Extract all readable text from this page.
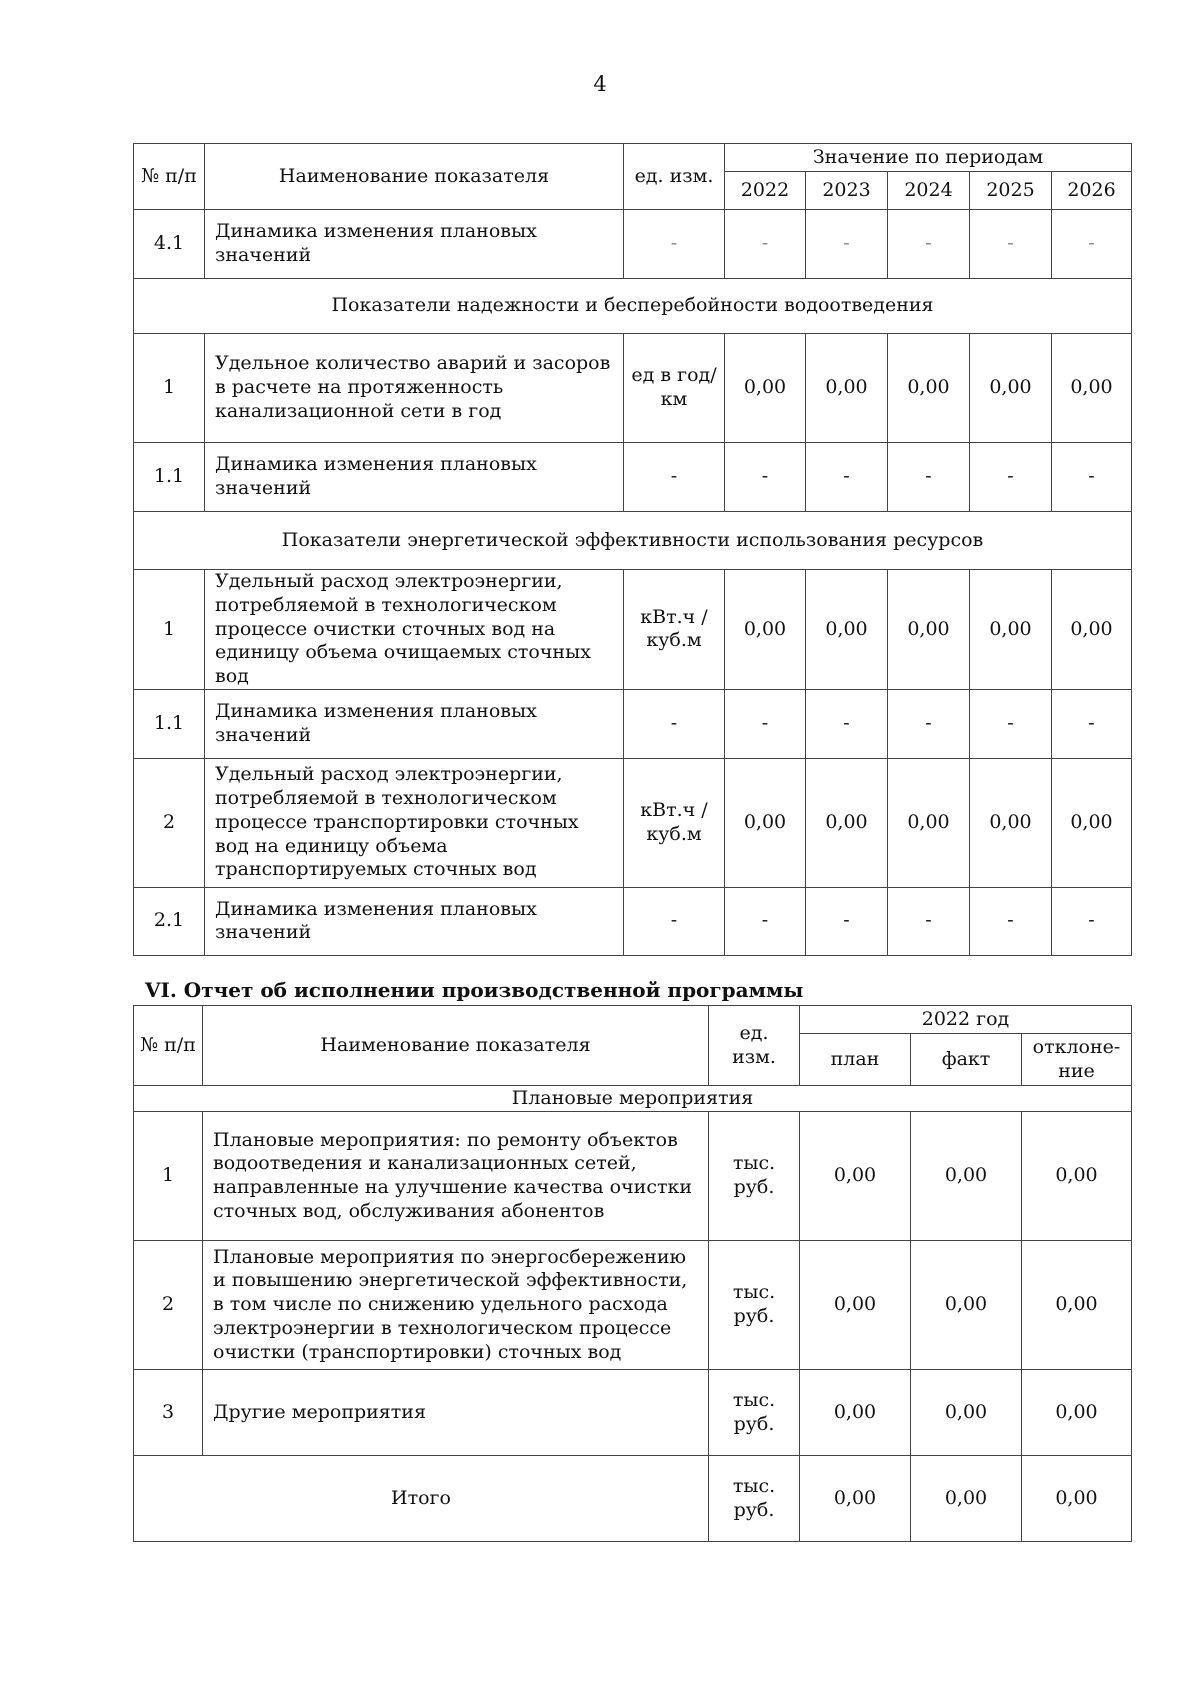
4
№ п/п	Наименование показателя	ед. изм.	Значение по периодам				
			2022	2023	2024	2025	2026
4.1	Динамика изменения плановых значений	-	-	-	-	-	-
Показатели надежности и бесперебойности водоотведения							
1	Удельное количество аварий и засоров в расчете на протяженность канализационной сети в год	ед в год/ км	0,00	0,00	0,00	0,00	0,00
1.1	Динамика изменения плановых значений	-	-	-	-	-	-
Показатели энергетической эффективности использования ресурсов							
1	Удельный расход электроэнергии, потребляемой в технологическом процессе очистки сточных вод на единицу объема очищаемых сточных вод	кВт.ч / куб.м	0,00	0,00	0,00	0,00	0,00
1.1	Динамика изменения плановых значений	-	-	-	-	-	-
2	Удельный расход электроэнергии, потребляемой в технологическом процессе транспортировки сточных вод на единицу объема транспортируемых сточных вод	кВт.ч / куб.м	0,00	0,00	0,00	0,00	0,00
2.1	Динамика изменения плановых значений	-	-	-	-	-	-
VI. Отчет об исполнении производственной программы
№ п/п	Наименование показателя	ед. изм.	2022 год		
			план	факт	отклоне-ние
Плановые мероприятия					
1	Плановые мероприятия: по ремонту объектов водоотведения и канализационных сетей, направленные на улучшение качества очистки сточных вод, обслуживания абонентов	тыс. руб.	0,00	0,00	0,00
2	Плановые мероприятия по энергосбережению и повышению энергетической эффективности, в том числе по снижению удельного расхода электроэнергии в технологическом процессе очистки (транспортировки) сточных вод	тыс. руб.	0,00	0,00	0,00
3	Другие мероприятия	тыс. руб.	0,00	0,00	0,00
Итого		тыс. руб.	0,00	0,00	0,00
